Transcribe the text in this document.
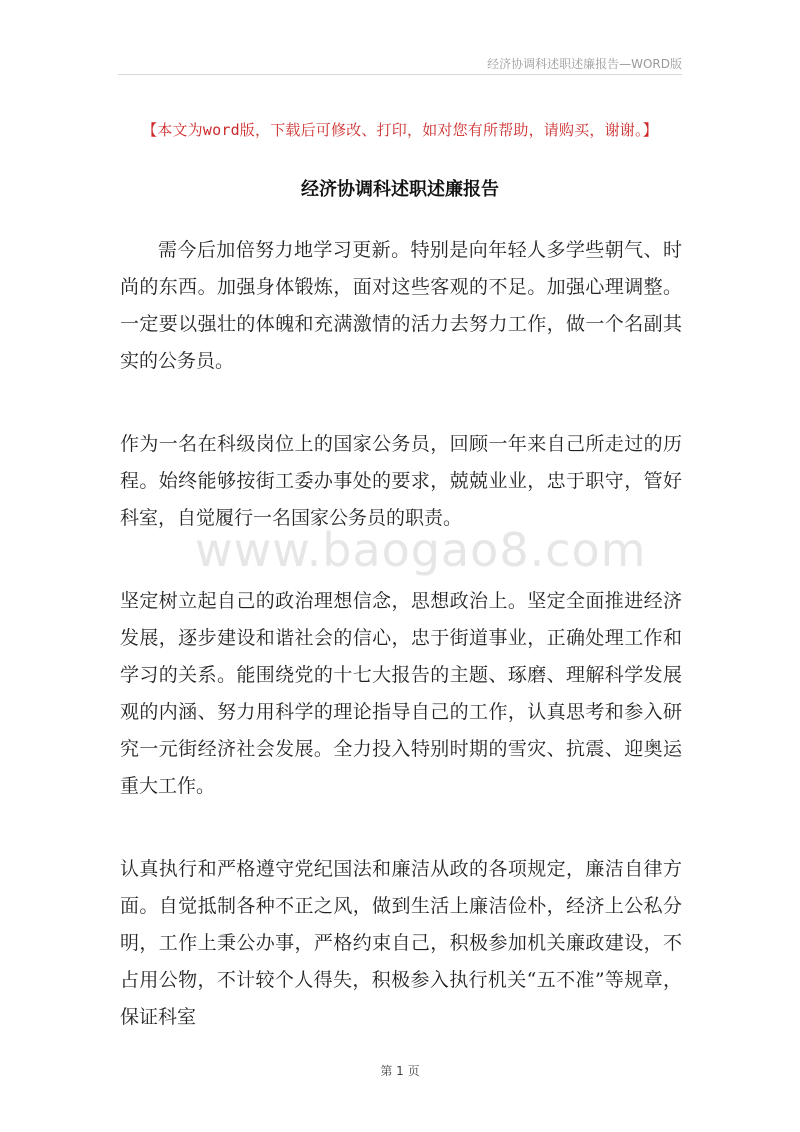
经济协调科述职述廉报告—WORD版
【本文为word版，下载后可修改、打印，如对您有所帮助，请购买，谢谢。】
经济协调科述职述廉报告

需今后加倍努力地学习更新。特别是向年轻人多学些朝气、时尚的东西。加强身体锻炼，面对这些客观的不足。加强心理调整。一定要以强壮的体魄和充满激情的活力去努力工作，做一个名副其实的公务员。

作为一名在科级岗位上的国家公务员，回顾一年来自己所走过的历程。始终能够按街工委办事处的要求，兢兢业业，忠于职守，管好科室，自觉履行一名国家公务员的职责。

坚定树立起自己的政治理想信念，思想政治上。坚定全面推进经济发展，逐步建设和谐社会的信心，忠于街道事业，正确处理工作和学习的关系。能围绕党的十七大报告的主题、琢磨、理解科学发展观的内涵、努力用科学的理论指导自己的工作，认真思考和参入研究一元街经济社会发展。全力投入特别时期的雪灾、抗震、迎奥运重大工作。

认真执行和严格遵守党纪国法和廉洁从政的各项规定，廉洁自律方面。自觉抵制各种不正之风，做到生活上廉洁俭朴，经济上公私分明，工作上秉公办事，严格约束自己，积极参加机关廉政建设，不占用公物，不计较个人得失，积极参入执行机关“五不准”等规章，保证科室

www.baogao8.com
第 1 页
